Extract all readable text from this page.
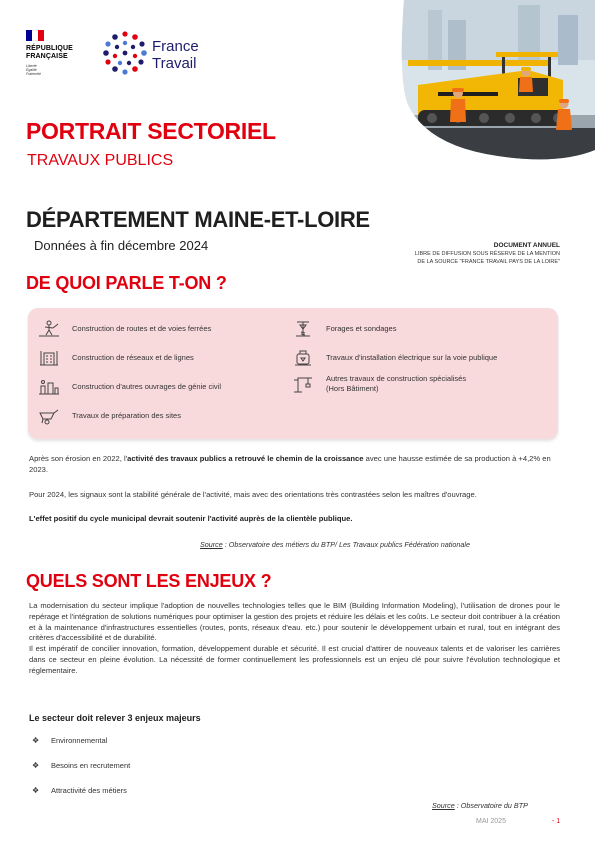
RÉPUBLIQUE
FRANÇAISE
Liberté
Égalité
Fraternité
France
Travail
PORTRAIT SECTORIEL
TRAVAUX PUBLICS
DÉPARTEMENT MAINE-ET-LOIRE
Données à fin décembre 2024	DOCUMENT ANNUEL
LIBRE DE DIFFUSION SOUS RÉSERVE DE LA MENTION
DE LA SOURCE "FRANCE TRAVAIL PAYS DE LA LOIRE"
DE QUOI PARLE T-ON ?
Construction de routes et de voies ferrées
Construction de réseaux et de lignes
Construction d'autres ouvrages de génie civil
Travaux de préparation des sites
Forages et sondages
Travaux d'installation électrique sur la voie publique
Autres travaux de construction spécialisés
(Hors Bâtiment)
Après son érosion en 2022, l'activité des travaux publics a retrouvé le chemin de la croissance avec une hausse estimée de sa production à +4,2% en 2023.
Pour 2024, les signaux sont la stabilité générale de l'activité, mais avec des orientations très contrastées selon les maîtres d'ouvrage.
L'effet positif du cycle municipal devrait soutenir l'activité auprès de la clientèle publique.
Source : Observatoire des métiers du BTP/ Les Travaux publics Fédération nationale
QUELS SONT LES ENJEUX ?
La modernisation du secteur implique l'adoption de nouvelles technologies telles que le BIM (Building Information Modeling), l'utilisation de drones pour le repérage et l'intégration de solutions numériques pour optimiser la gestion des projets et réduire les délais et les coûts. Le secteur doit contribuer à la création et à la maintenance d'infrastructures essentielles (routes, ponts, réseaux d'eau. etc.) pour soutenir le développement urbain et rural, tout en intégrant des critères d'accessibilité et de durabilité.
Il est impératif de concilier innovation, formation, développement durable et sécurité. Il est crucial d'attirer de nouveaux talents et de valoriser les carrières dans ce secteur en pleine évolution. La nécessité de former continuellement les professionnels est un enjeu clé pour suivre l'évolution technologique et réglementaire.
Le secteur doit relever 3 enjeux majeurs
❖	Environnemental
❖	Besoins en recrutement
❖	Attractivité des métiers
Source : Observatoire du BTP
MAI 2025	- 1
